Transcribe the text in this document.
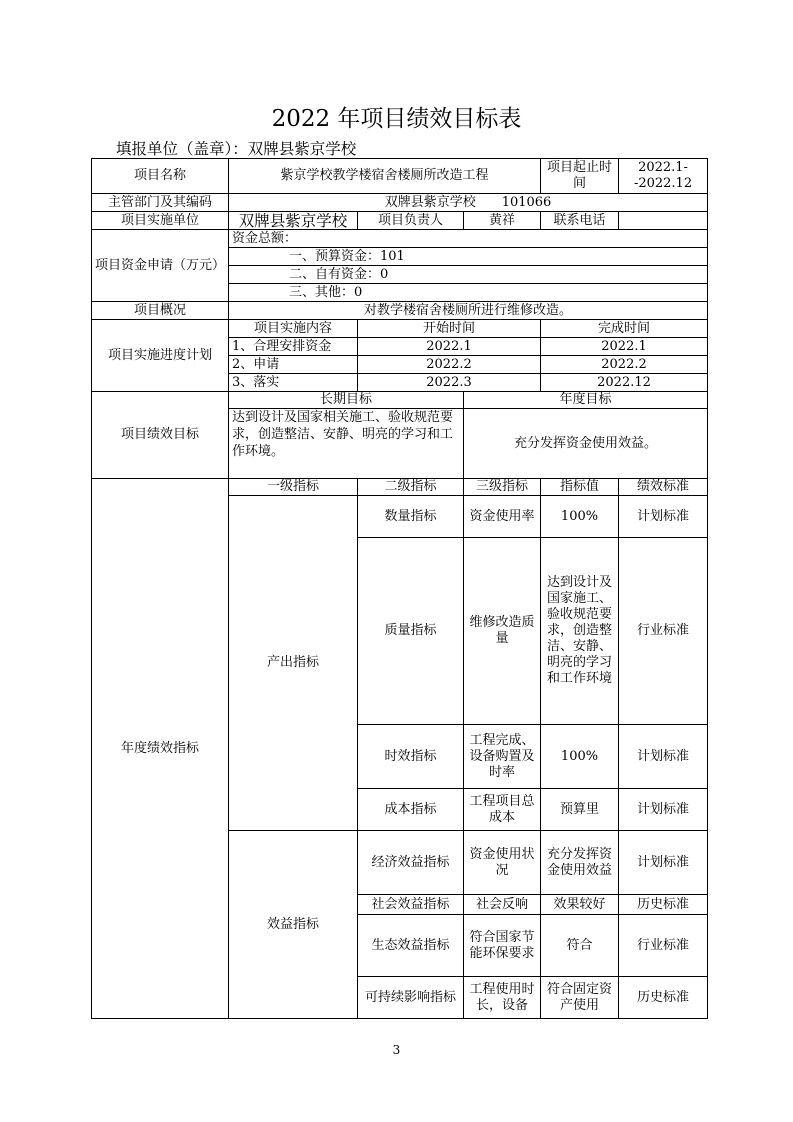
2022 年项目绩效目标表
填报单位（盖章）：双牌县紫京学校
项目名称	紫京学校教学楼宿舍楼厕所改造工程			项目起止时间	2022.1--2022.12
主管部门及其编码	双牌县紫京学校　　101066				
项目实施单位	双牌县紫京学校	项目负责人	黄祥	联系电话	
项目资金申请（万元）	资金总额：				
	一、预算资金：101				
	二、自有资金：0				
	三、其他：0				
项目概况	对教学楼宿舍楼厕所进行维修改造。				
项目实施进度计划	项目实施内容	开始时间		完成时间	
	1、合理安排资金	2022.1		2022.1	
	2、申请	2022.2		2022.2	
	3、落实	2022.3		2022.12	
项目绩效目标	长期目标		年度目标		
	达到设计及国家相关施工、验收规范要求，创造整洁、安静、明亮的学习和工作环境。		充分发挥资金使用效益。		
年度绩效指标	一级指标	二级指标	三级指标	指标值	绩效标准
	产出指标	数量指标	资金使用率	100%	计划标准
		质量指标	维修改造质量	达到设计及国家施工、验收规范要求，创造整洁、安静、明亮的学习和工作环境	行业标准
		时效指标	工程完成、设备购置及时率	100%	计划标准
		成本指标	工程项目总成本	预算里	计划标准
	效益指标	经济效益指标	资金使用状况	充分发挥资金使用效益	计划标准
		社会效益指标	社会反响	效果较好	历史标准
		生态效益指标	符合国家节能环保要求	符合	行业标准
		可持续影响指标	工程使用时长，设备	符合固定资产使用	历史标准
3
